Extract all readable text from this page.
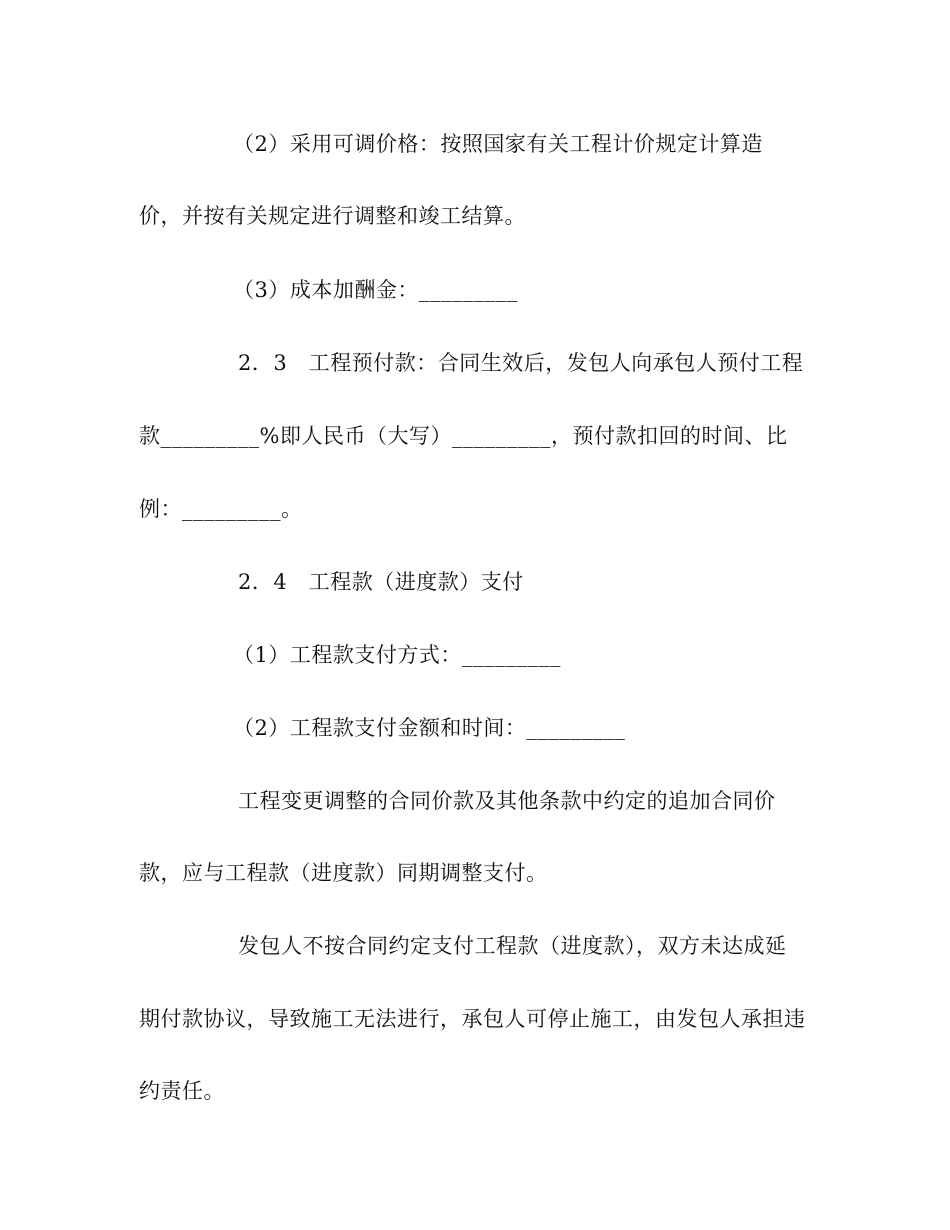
（2）采用可调价格：按照国家有关工程计价规定计算造
价，并按有关规定进行调整和竣工结算。
（3）成本加酬金：_________
2．3　工程预付款：合同生效后，发包人向承包人预付工程
款_________%即人民币（大写）_________，预付款扣回的时间、比
例：_________。
2．4　工程款（进度款）支付
（1）工程款支付方式：_________
（2）工程款支付金额和时间：_________
工程变更调整的合同价款及其他条款中约定的追加合同价
款，应与工程款（进度款）同期调整支付。
发包人不按合同约定支付工程款（进度款），双方未达成延
期付款协议，导致施工无法进行，承包人可停止施工，由发包人承担违
约责任。
